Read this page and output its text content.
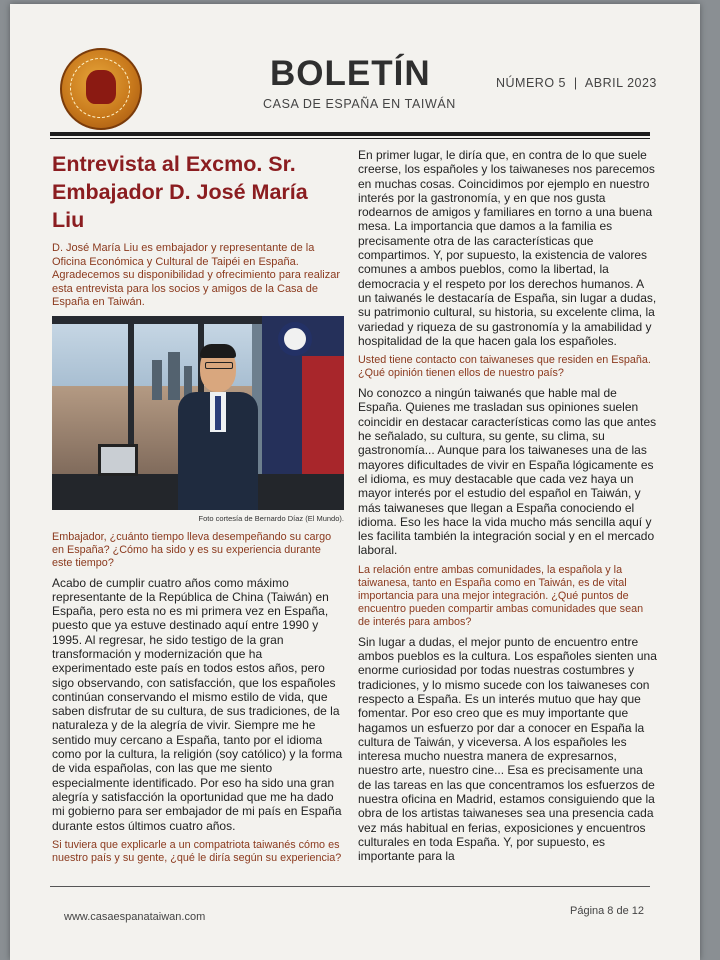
BOLETÍN
CASA DE ESPAÑA EN TAIWÁN
NÚMERO 5  |  ABRIL 2023
Entrevista al Excmo. Sr. Embajador D. José María Liu

D. José María Liu es embajador y representante de la Oficina Económica y Cultural de Taipéi en España. Agradecemos su disponibilidad y ofrecimiento para realizar esta entrevista para los socios y amigos de la Casa de España en Taiwán.

Foto cortesía de Bernardo Díaz (El Mundo).

Embajador, ¿cuánto tiempo lleva desempeñando su cargo en España? ¿Cómo ha sido y es su experiencia durante este tiempo?

Acabo de cumplir cuatro años como máximo representante de la República de China (Taiwán) en España, pero esta no es mi primera vez en España, puesto que ya estuve destinado aquí entre 1990 y 1995. Al regresar, he sido testigo de la gran transformación y modernización que ha experimentado este país en todos estos años, pero sigo observando, con satisfacción, que los españoles continúan conservando el mismo estilo de vida, que saben disfrutar de su cultura, de sus tradiciones, de la naturaleza y de la alegría de vivir. Siempre me he sentido muy cercano a España, tanto por el idioma como por la cultura, la religión (soy católico) y la forma de vida españolas, con las que me siento especialmente identificado. Por eso ha sido una gran alegría y satisfacción la oportunidad que me ha dado mi gobierno para ser embajador de mi país en España durante estos últimos cuatro años.

Si tuviera que explicarle a un compatriota taiwanés cómo es nuestro país y su gente, ¿qué le diría según su experiencia?

En primer lugar, le diría que, en contra de lo que suele creerse, los españoles y los taiwaneses nos parecemos en muchas cosas. Coincidimos por ejemplo en nuestro interés por la gastronomía, y en que nos gusta rodearnos de amigos y familiares en torno a una buena mesa. La importancia que damos a la familia es precisamente otra de las características que compartimos. Y, por supuesto, la existencia de valores comunes a ambos pueblos, como la libertad, la democracia y el respeto por los derechos humanos. A un taiwanés le destacaría de España, sin lugar a dudas, su patrimonio cultural, su historia, su excelente clima, la variedad y riqueza de su gastronomía y la amabilidad y hospitalidad de la que hacen gala los españoles.

Usted tiene contacto con taiwaneses que residen en España. ¿Qué opinión tienen ellos de nuestro país?

No conozco a ningún taiwanés que hable mal de España. Quienes me trasladan sus opiniones suelen coincidir en destacar características como las que antes he señalado, su cultura, su gente, su clima, su gastronomía... Aunque para los taiwaneses una de las mayores dificultades de vivir en España lógicamente es el idioma, es muy destacable que cada vez haya un mayor interés por el estudio del español en Taiwán, y más taiwaneses que llegan a España conociendo el idioma. Eso les hace la vida mucho más sencilla aquí y les facilita también la integración social y en el mercado laboral.

La relación entre ambas comunidades, la española y la taiwanesa, tanto en España como en Taiwán, es de vital importancia para una mejor integración. ¿Qué puntos de encuentro pueden compartir ambas comunidades que sean de interés para ambos?

Sin lugar a dudas, el mejor punto de encuentro entre ambos pueblos es la cultura. Los españoles sienten una enorme curiosidad por todas nuestras costumbres y tradiciones, y lo mismo sucede con los taiwaneses con respecto a España. Es un interés mutuo que hay que fomentar. Por eso creo que es muy importante que hagamos un esfuerzo por dar a conocer en España la cultura de Taiwán, y viceversa. A los españoles les interesa mucho nuestra manera de expresarnos, nuestro arte, nuestro cine... Esa es precisamente una de las tareas en las que concentramos los esfuerzos de nuestra oficina en Madrid, estamos consiguiendo que la obra de los artistas taiwaneses sea una presencia cada vez más habitual en ferias, exposiciones y encuentros culturales en toda España. Y, por supuesto, es importante para la

www.casaespanataiwan.com	Página 8 de 12
